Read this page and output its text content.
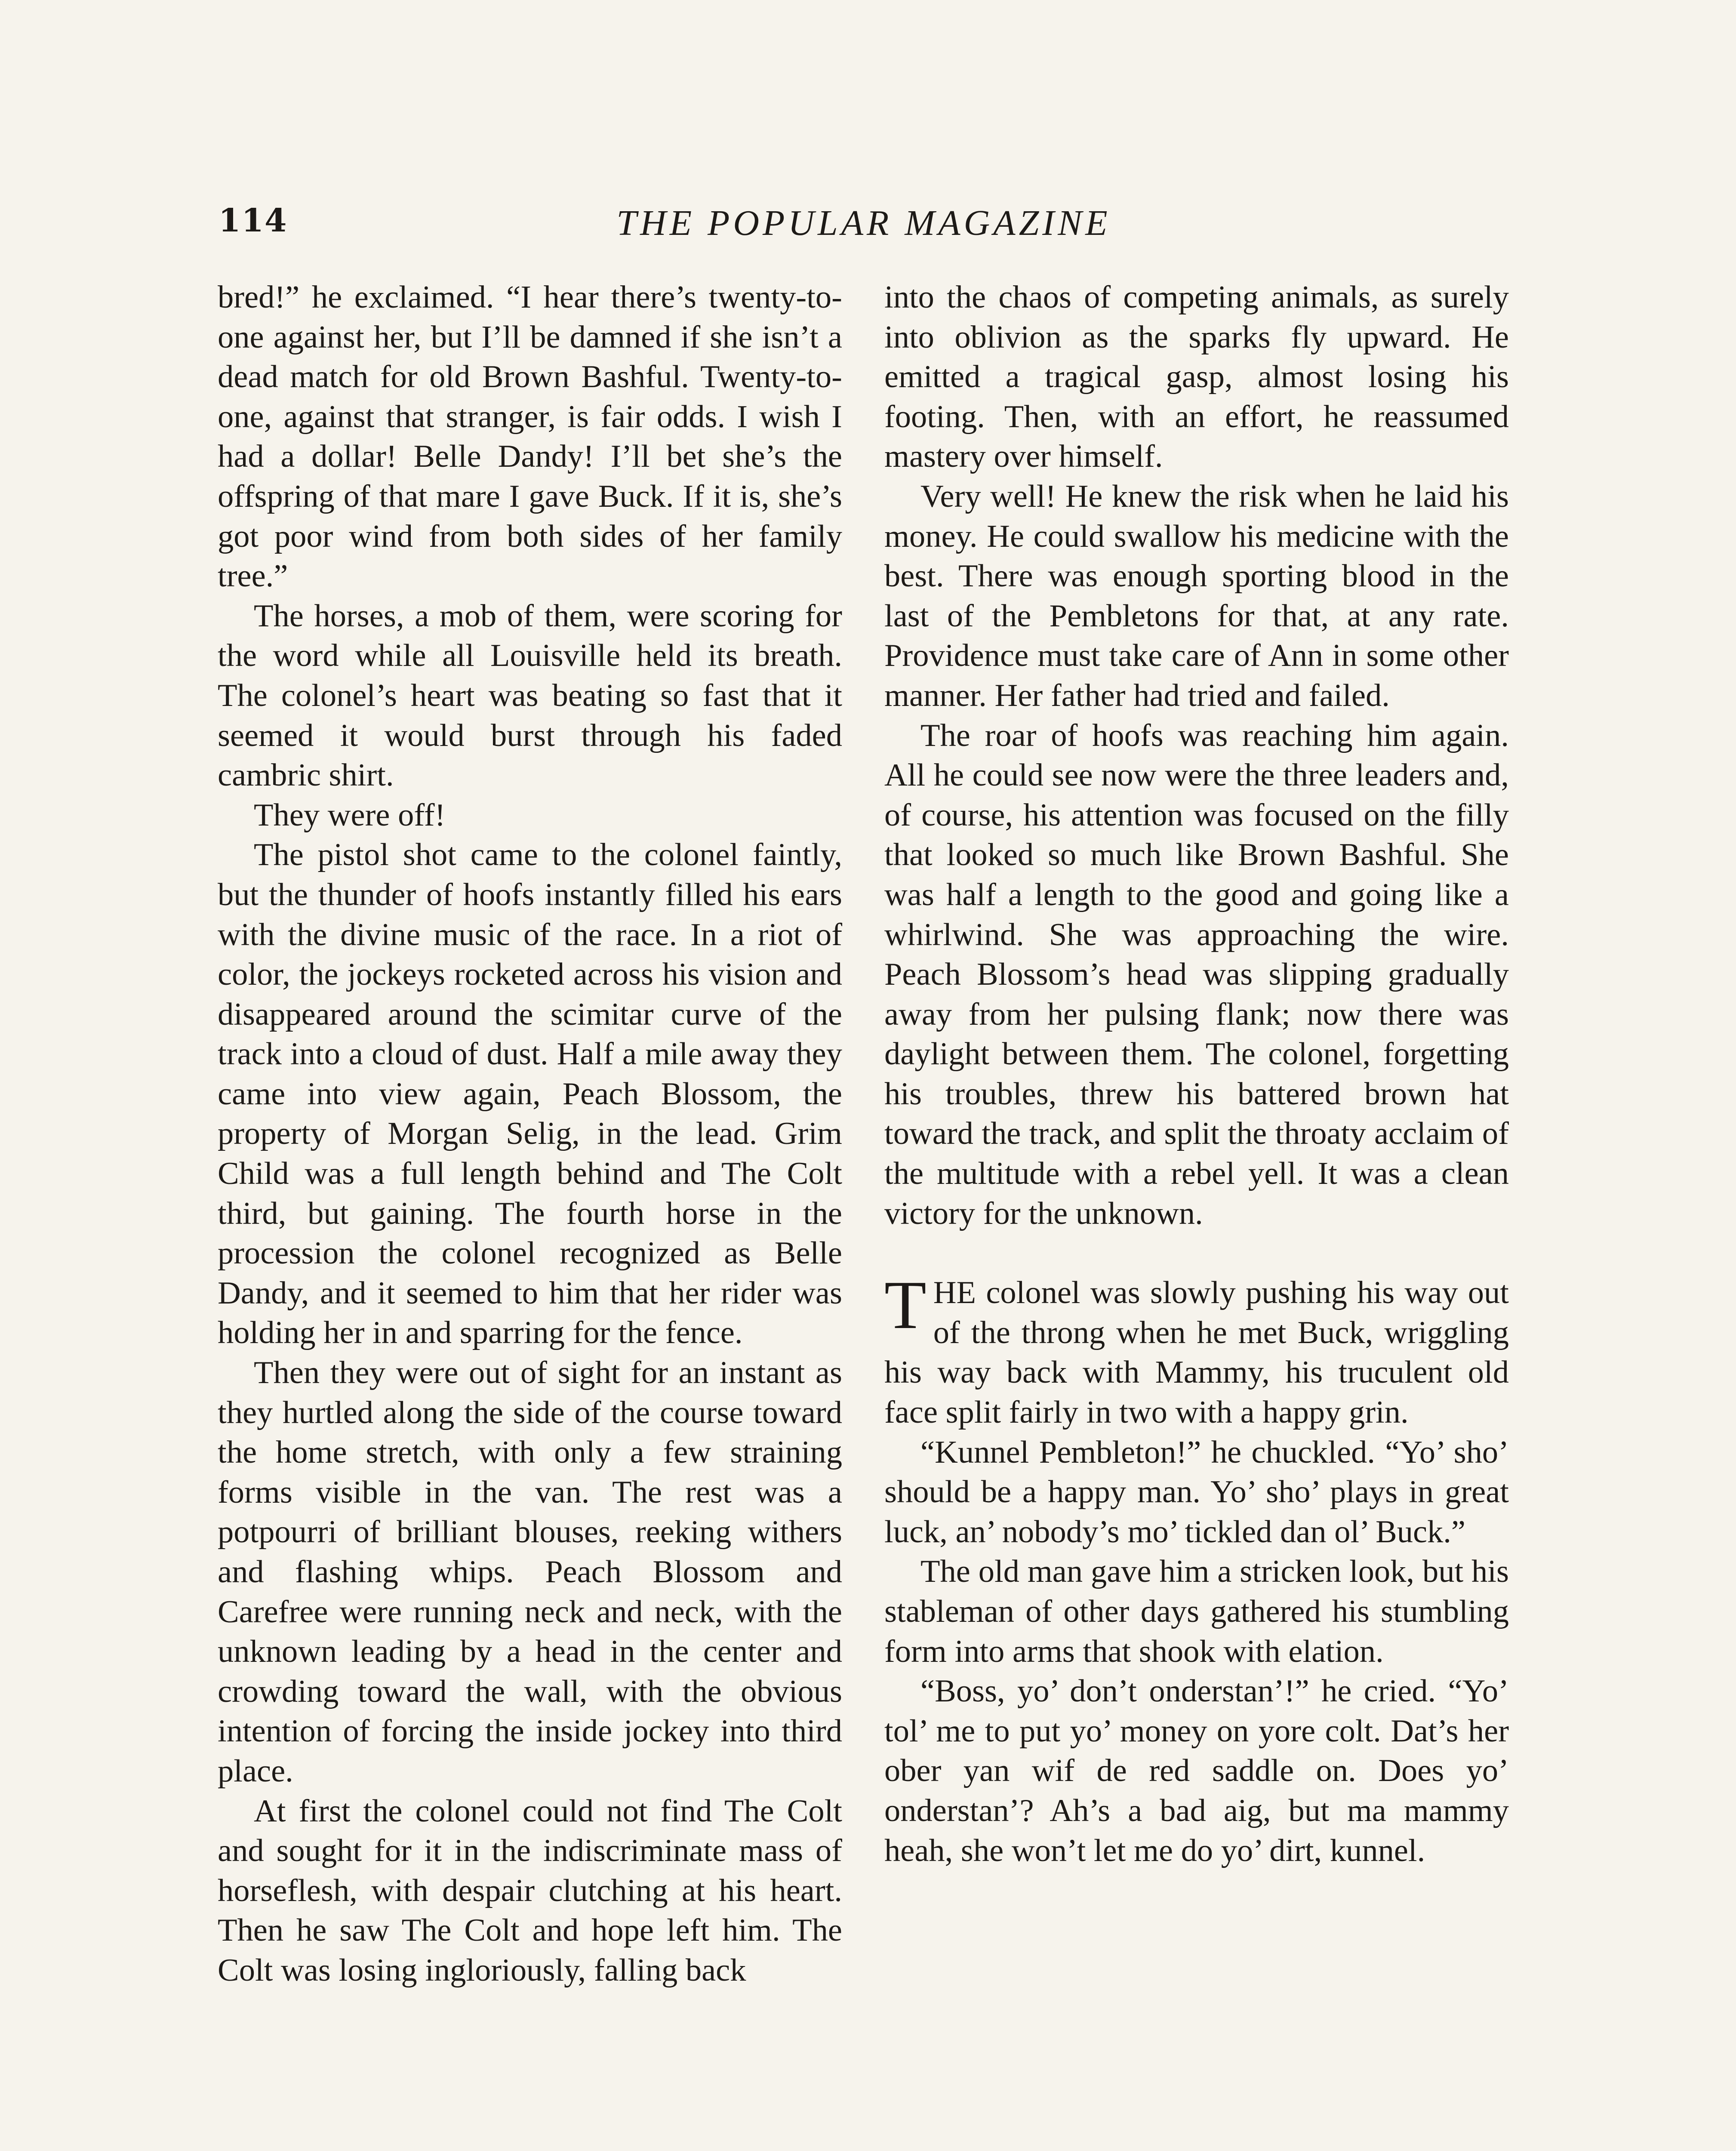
114	THE POPULAR MAGAZINE

bred!” he exclaimed. “I hear there’s twenty-to-one against her, but I’ll be damned if she isn’t a dead match for old Brown Bashful. Twenty-to-one, against that stranger, is fair odds. I wish I had a dollar! Belle Dandy! I’ll bet she’s the offspring of that mare I gave Buck. If it is, she’s got poor wind from both sides of her family tree.”

The horses, a mob of them, were scoring for the word while all Louisville held its breath. The colonel’s heart was beating so fast that it seemed it would burst through his faded cambric shirt.

They were off!

The pistol shot came to the colonel faintly, but the thunder of hoofs instantly filled his ears with the divine music of the race. In a riot of color, the jockeys rocketed across his vision and disappeared around the scimitar curve of the track into a cloud of dust. Half a mile away they came into view again, Peach Blossom, the property of Morgan Selig, in the lead. Grim Child was a full length behind and The Colt third, but gaining. The fourth horse in the procession the colonel recognized as Belle Dandy, and it seemed to him that her rider was holding her in and sparring for the fence.

Then they were out of sight for an instant as they hurtled along the side of the course toward the home stretch, with only a few straining forms visible in the van. The rest was a potpourri of brilliant blouses, reeking withers and flashing whips. Peach Blossom and Carefree were running neck and neck, with the unknown leading by a head in the center and crowding toward the wall, with the obvious intention of forcing the inside jockey into third place.

At first the colonel could not find The Colt and sought for it in the indiscriminate mass of horseflesh, with despair clutching at his heart. Then he saw The Colt and hope left him. The Colt was losing ingloriously, falling back

into the chaos of competing animals, as surely into oblivion as the sparks fly upward. He emitted a tragical gasp, almost losing his footing. Then, with an effort, he reassumed mastery over himself.

Very well! He knew the risk when he laid his money. He could swallow his medicine with the best. There was enough sporting blood in the last of the Pembletons for that, at any rate. Providence must take care of Ann in some other manner. Her father had tried and failed.

The roar of hoofs was reaching him again. All he could see now were the three leaders and, of course, his attention was focused on the filly that looked so much like Brown Bashful. She was half a length to the good and going like a whirlwind. She was approaching the wire. Peach Blossom’s head was slipping gradually away from her pulsing flank; now there was daylight between them. The colonel, forgetting his troubles, threw his battered brown hat toward the track, and split the throaty acclaim of the multitude with a rebel yell. It was a clean victory for the unknown.

THE colonel was slowly pushing his way out of the throng when he met Buck, wriggling his way back with Mammy, his truculent old face split fairly in two with a happy grin.

“Kunnel Pembleton!” he chuckled. “Yo’ sho’ should be a happy man. Yo’ sho’ plays in great luck, an’ nobody’s mo’ tickled dan ol’ Buck.”

The old man gave him a stricken look, but his stableman of other days gathered his stumbling form into arms that shook with elation.

“Boss, yo’ don’t onderstan’!” he cried. “Yo’ tol’ me to put yo’ money on yore colt. Dat’s her ober yan wif de red saddle on. Does yo’ onderstan’? Ah’s a bad aig, but ma mammy heah, she won’t let me do yo’ dirt, kunnel.
